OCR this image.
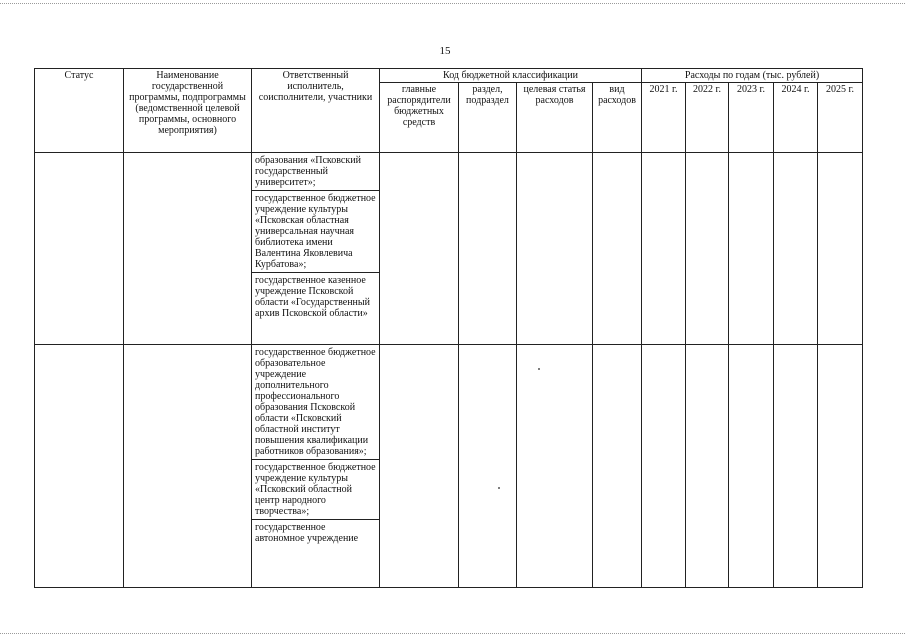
15
Статус	Наименование государственной программы, подпрограммы (ведомственной целевой программы, основного мероприятия)	Ответственный исполнитель, соисполнители, участники	Код бюджетной классификации				Расходы по годам (тыс. рублей)				
			главные распорядители бюджетных средств	раздел, подраздел	целевая статья расходов	вид расходов	2021 г.	2022 г.	2023 г.	2024 г.	2025 г.

		образования «Псковский государственный университет»;
государственное бюджетное учреждение культуры «Псковская областная универсальная научная библиотека имени Валентина Яковлевича Курбатова»;
государственное казенное учреждение Псковской области «Государственный архив Псковской области»									

		государственное бюджетное образовательное учреждение дополнительного профессионального образования Псковской области «Псковский областной институт повышения квалификации работников образования»;
государственное бюджетное учреждение культуры «Псковский областной центр народного творчества»;
государственное автономное учреждение									
